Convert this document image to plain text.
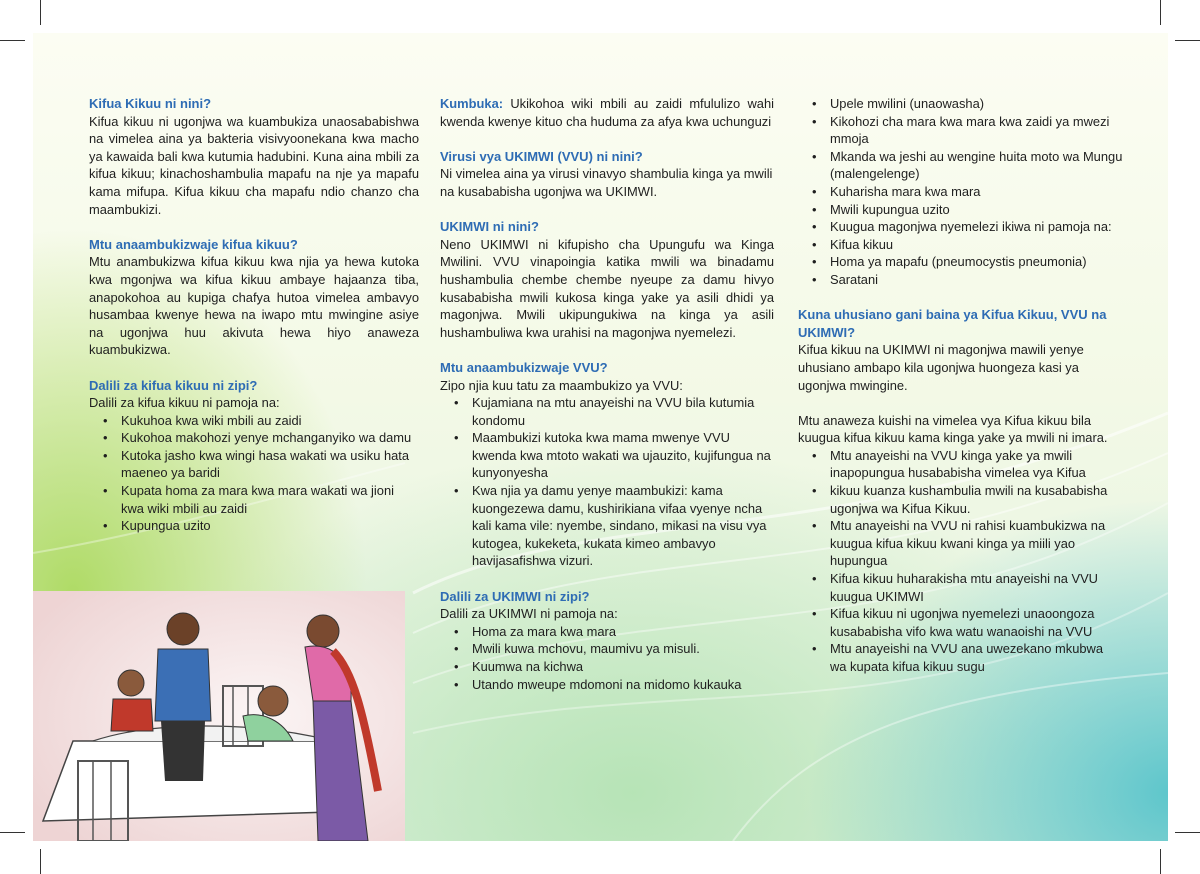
Kifua Kikuu ni nini?

Kifua kikuu ni ugonjwa wa kuambukiza unaosababishwa na vimelea aina ya bakteria visivyoonekana kwa macho ya kawaida bali kwa kutumia hadubini. Kuna aina mbili za kifua kikuu; kinachoshambulia mapafu na nje ya mapafu kama mifupa. Kifua kikuu cha mapafu ndio chanzo cha maambukizi.

Mtu anaambukizwaje kifua kikuu?

Mtu anambukizwa kifua kikuu kwa njia ya hewa kutoka kwa mgonjwa wa kifua kikuu ambaye hajaanza tiba, anapokohoa au kupiga chafya hutoa vimelea ambavyo husambaa kwenye hewa na iwapo mtu mwingine asiye na ugonjwa huu akivuta hewa hiyo anaweza kuambukizwa.

Dalili za kifua kikuu ni zipi?

Dalili za kifua kikuu ni pamoja na:

• Kukuhoa kwa wiki mbili au zaidi
• Kukohoa makohozi yenye mchanganyiko wa damu
• Kutoka jasho kwa wingi hasa wakati wa usiku hata maeneo ya baridi
• Kupata homa za mara kwa mara wakati wa jioni kwa wiki mbili au zaidi
• Kupungua uzito

Kumbuka: Ukikohoa wiki mbili au zaidi mfululizo wahi kwenda kwenye kituo cha huduma za afya kwa uchunguzi

Virusi vya UKIMWI (VVU) ni nini?

Ni vimelea aina ya virusi vinavyo shambulia kinga ya mwili na kusababisha ugonjwa wa UKIMWI.

UKIMWI ni nini?

Neno UKIMWI ni kifupisho cha Upungufu wa Kinga Mwilini. VVU vinapoingia katika mwili wa binadamu hushambulia chembe chembe nyeupe za damu hivyo kusababisha mwili kukosa kinga yake ya asili dhidi ya magonjwa. Mwili ukipungukiwa na kinga ya asili hushambuliwa kwa urahisi na magonjwa nyemelezi.

Mtu anaambukizwaje VVU?

Zipo njia kuu tatu za maambukizo ya VVU:

• Kujamiana na mtu anayeishi na VVU bila kutumia kondomu
• Maambukizi kutoka kwa mama mwenye VVU kwenda kwa mtoto wakati wa ujauzito, kujifungua na kunyonyesha
• Kwa njia ya damu yenye maambukizi: kama kuongezewa damu, kushirikiana vifaa vyenye ncha kali kama vile: nyembe, sindano, mikasi na visu vya kutogea, kukeketa, kukata kimeo ambavyo havijasafishwa vizuri.
Dalili za UKIMWI ni zipi?

Dalili za UKIMWI ni pamoja na:

• Homa za mara kwa mara
• Mwili kuwa mchovu, maumivu ya misuli.
• Kuumwa na kichwa
• Utando mweupe mdomoni na midomo kukauka
• Upele mwilini (unaowasha)
• Kikohozi cha mara kwa mara kwa zaidi ya mwezi mmoja
• Mkanda wa jeshi au wengine huita moto wa Mungu (malengelenge)
• Kuharisha mara kwa mara
• Mwili kupungua uzito
• Kuugua magonjwa nyemelezi ikiwa ni pamoja na:
• Kifua kikuu
• Homa ya mapafu (pneumocystis pneumonia)
• Saratani
Kuna uhusiano gani baina ya Kifua Kikuu, VVU na UKIMWI?

Kifua kikuu na UKIMWI ni magonjwa mawili yenye uhusiano ambapo kila ugonjwa huongeza kasi ya ugonjwa mwingine.

Mtu anaweza kuishi na vimelea vya Kifua kikuu bila kuugua kifua kikuu kama kinga yake ya mwili ni imara.

• Mtu anayeishi na VVU kinga yake ya mwili inapopungua husababisha vimelea vya Kifua
• kikuu kuanza kushambulia mwili na kusababisha ugonjwa wa Kifua Kikuu.
• Mtu anayeishi na VVU ni rahisi kuambukizwa na kuugua kifua kikuu kwani kinga ya miili yao hupungua
• Kifua kikuu huharakisha mtu anayeishi na VVU kuugua UKIMWI
• Kifua kikuu ni ugonjwa nyemelezi unaoongoza kusababisha vifo kwa watu wanaoishi na VVU
• Mtu anayeishi na VVU ana uwezekano mkubwa wa kupata kifua kikuu sugu
